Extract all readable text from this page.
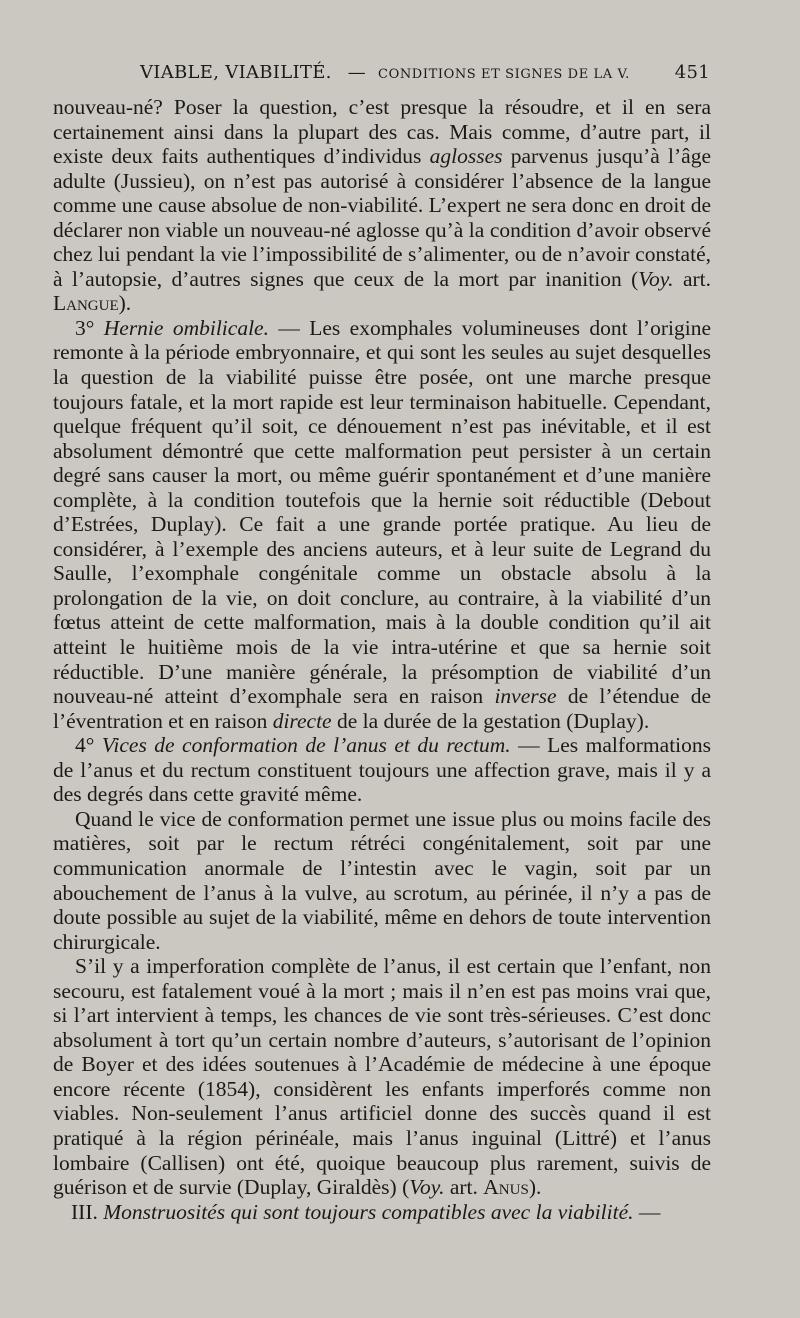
VIABLE, VIABILITÉ. — CONDITIONS ET SIGNES DE LA V. 451

nouveau-né? Poser la question, c’est presque la résoudre, et il en sera certainement ainsi dans la plupart des cas. Mais comme, d’autre part, il existe deux faits authentiques d’individus aglosses parvenus jusqu’à l’âge adulte (Jussieu), on n’est pas autorisé à considérer l’absence de la langue comme une cause absolue de non-viabilité. L’expert ne sera donc en droit de déclarer non viable un nouveau-né aglosse qu’à la condition d’avoir observé chez lui pendant la vie l’impossibilité de s’alimenter, ou de n’avoir constaté, à l’autopsie, d’autres signes que ceux de la mort par inanition (Voy. art. Langue).

3° Hernie ombilicale. — Les exomphales volumineuses dont l’origine remonte à la période embryonnaire, et qui sont les seules au sujet desquelles la question de la viabilité puisse être posée, ont une marche presque toujours fatale, et la mort rapide est leur terminaison habituelle. Cependant, quelque fréquent qu’il soit, ce dénouement n’est pas inévitable, et il est absolument démontré que cette malformation peut persister à un certain degré sans causer la mort, ou même guérir spontanément et d’une manière complète, à la condition toutefois que la hernie soit réductible (Debout d’Estrées, Duplay). Ce fait a une grande portée pratique. Au lieu de considérer, à l’exemple des anciens auteurs, et à leur suite de Legrand du Saulle, l’exomphale congénitale comme un obstacle absolu à la prolongation de la vie, on doit conclure, au contraire, à la viabilité d’un fœtus atteint de cette malformation, mais à la double condition qu’il ait atteint le huitième mois de la vie intra-utérine et que sa hernie soit réductible. D’une manière générale, la présomption de viabilité d’un nouveau-né atteint d’exomphale sera en raison inverse de l’étendue de l’éventration et en raison directe de la durée de la gestation (Duplay).

4° Vices de conformation de l’anus et du rectum. — Les malformations de l’anus et du rectum constituent toujours une affection grave, mais il y a des degrés dans cette gravité même.

Quand le vice de conformation permet une issue plus ou moins facile des matières, soit par le rectum rétréci congénitalement, soit par une communication anormale de l’intestin avec le vagin, soit par un abouchement de l’anus à la vulve, au scrotum, au périnée, il n’y a pas de doute possible au sujet de la viabilité, même en dehors de toute intervention chirurgicale.

S’il y a imperforation complète de l’anus, il est certain que l’enfant, non secouru, est fatalement voué à la mort ; mais il n’en est pas moins vrai que, si l’art intervient à temps, les chances de vie sont très-sérieuses. C’est donc absolument à tort qu’un certain nombre d’auteurs, s’autorisant de l’opinion de Boyer et des idées soutenues à l’Académie de médecine à une époque encore récente (1854), considèrent les enfants imperforés comme non viables. Non-seulement l’anus artificiel donne des succès quand il est pratiqué à la région périnéale, mais l’anus inguinal (Littré) et l’anus lombaire (Callisen) ont été, quoique beaucoup plus rarement, suivis de guérison et de survie (Duplay, Giraldès) (Voy. art. Anus).

III. Monstruosités qui sont toujours compatibles avec la viabilité. —
